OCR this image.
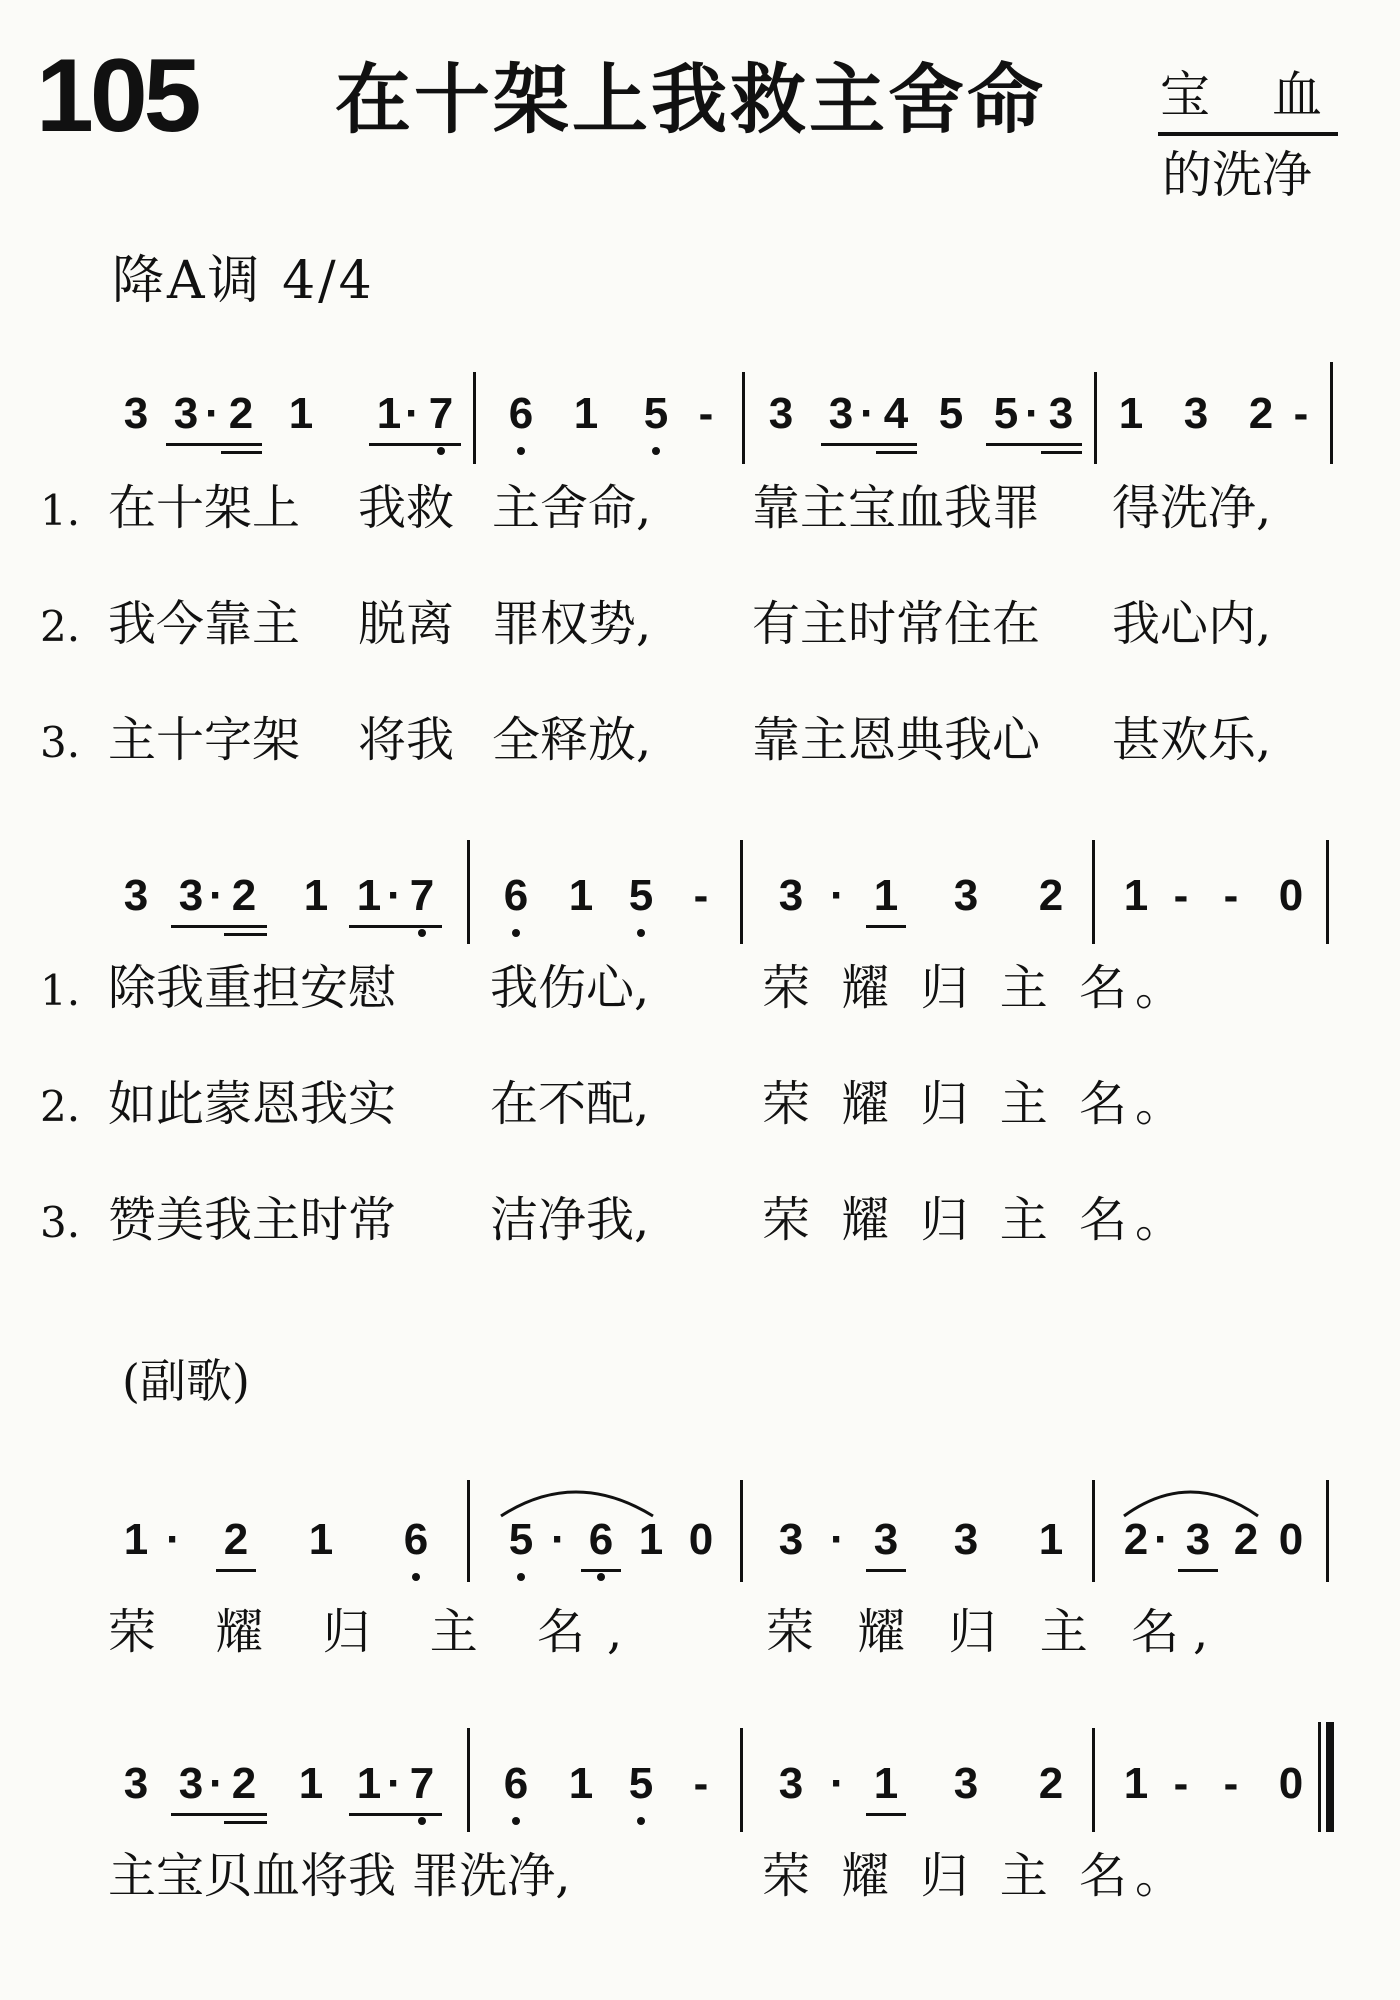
105 在十架上我救主舍命 宝 血
的洗净
降A调 4/4
3 3 · 2 1 1 · 7 6 1 5 - 3 3 · 4 5 5 · 3 1 3 2 -
1. 在十架上 我救 主舍命, 靠主宝血我罪 得洗净,
2. 我今靠主 脱离 罪权势, 有主时常住在 我心内,
3. 主十字架 将我 全释放, 靠主恩典我心 甚欢乐,
3 3 · 2 1 1 · 7 6 1 5 - 3 · 1 3 2 1 - - 0
1. 除我重担安慰 我伤心, 荣 耀 归 主 名。
2. 如此蒙恩我实 在不配, 荣 耀 归 主 名。
3. 赞美我主时常 洁净我, 荣 耀 归 主 名。
(副歌)
1 · 2 1 6 5 · 6 1 0 3 · 3 3 1 2 · 3 2 0
荣 耀 归 主 名,	荣 耀 归 主 名,
3 3 · 2 1 1 · 7 6 1 5 - 3 · 1 3 2 1 - - 0
主宝贝血将我 罪洗净,	荣 耀 归 主 名。
